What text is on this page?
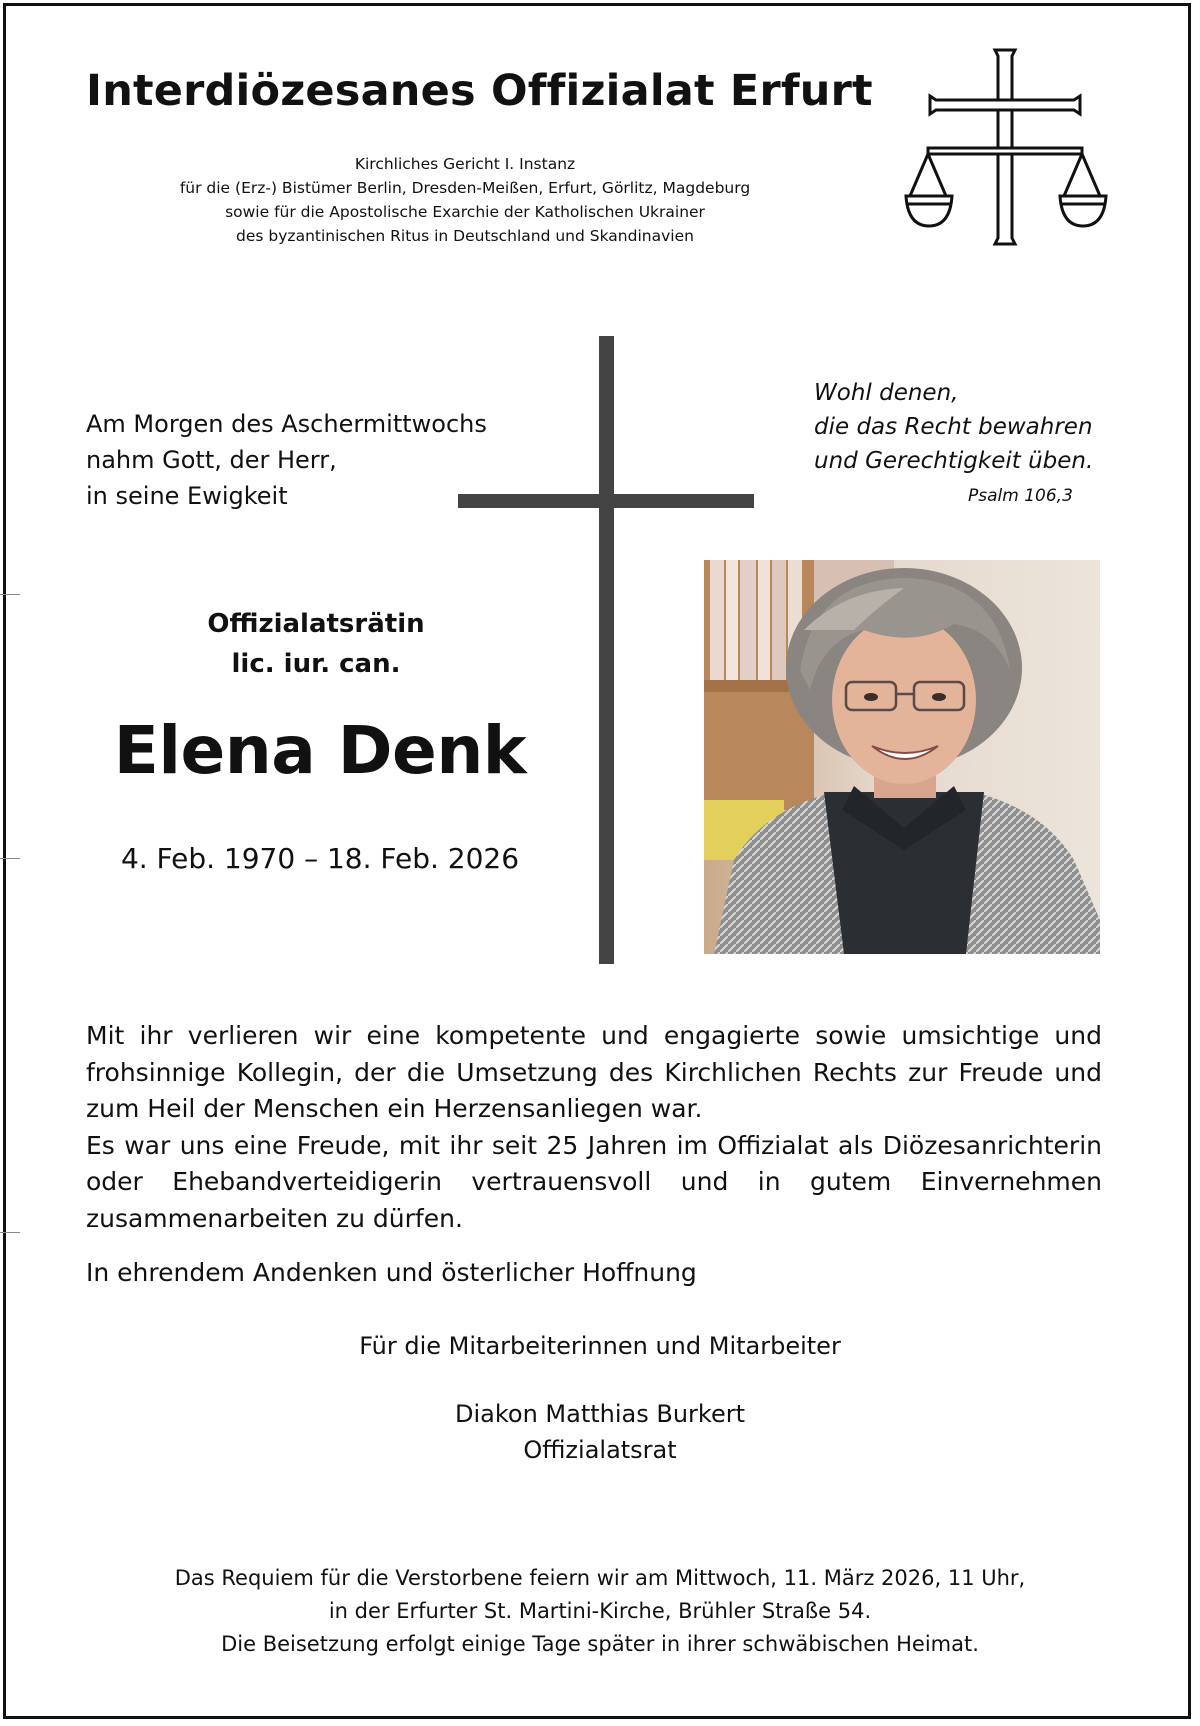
Interdiözesanes Offizialat Erfurt
Kirchliches Gericht I. Instanz
für die (Erz-) Bistümer Berlin, Dresden-Meißen, Erfurt, Görlitz, Magdeburg
sowie für die Apostolische Exarchie der Katholischen Ukrainer
des byzantinischen Ritus in Deutschland und Skandinavien
Am Morgen des Aschermittwochs
nahm Gott, der Herr,
in seine Ewigkeit
Wohl denen,
die das Recht bewahren
und Gerechtigkeit üben.
Psalm 106,3
Offizialatsrätin
lic. iur. can.
Elena Denk
4. Feb. 1970 – 18. Feb. 2026

Mit ihr verlieren wir eine kompetente und engagierte sowie umsichtige und frohsinnige Kollegin, der die Umsetzung des Kirchlichen Rechts zur Freude und zum Heil der Menschen ein Herzensanliegen war.

Es war uns eine Freude, mit ihr seit 25 Jahren im Offizialat als Diözesanrichterin oder Ehebandverteidigerin vertrauensvoll und in gutem Einvernehmen zusammenarbeiten zu dürfen.

In ehrendem Andenken und österlicher Hoffnung
Für die Mitarbeiterinnen und Mitarbeiter
Diakon Matthias Burkert
Offizialatsrat
Das Requiem für die Verstorbene feiern wir am Mittwoch, 11. März 2026, 11 Uhr,
in der Erfurter St. Martini-Kirche, Brühler Straße 54.
Die Beisetzung erfolgt einige Tage später in ihrer schwäbischen Heimat.
